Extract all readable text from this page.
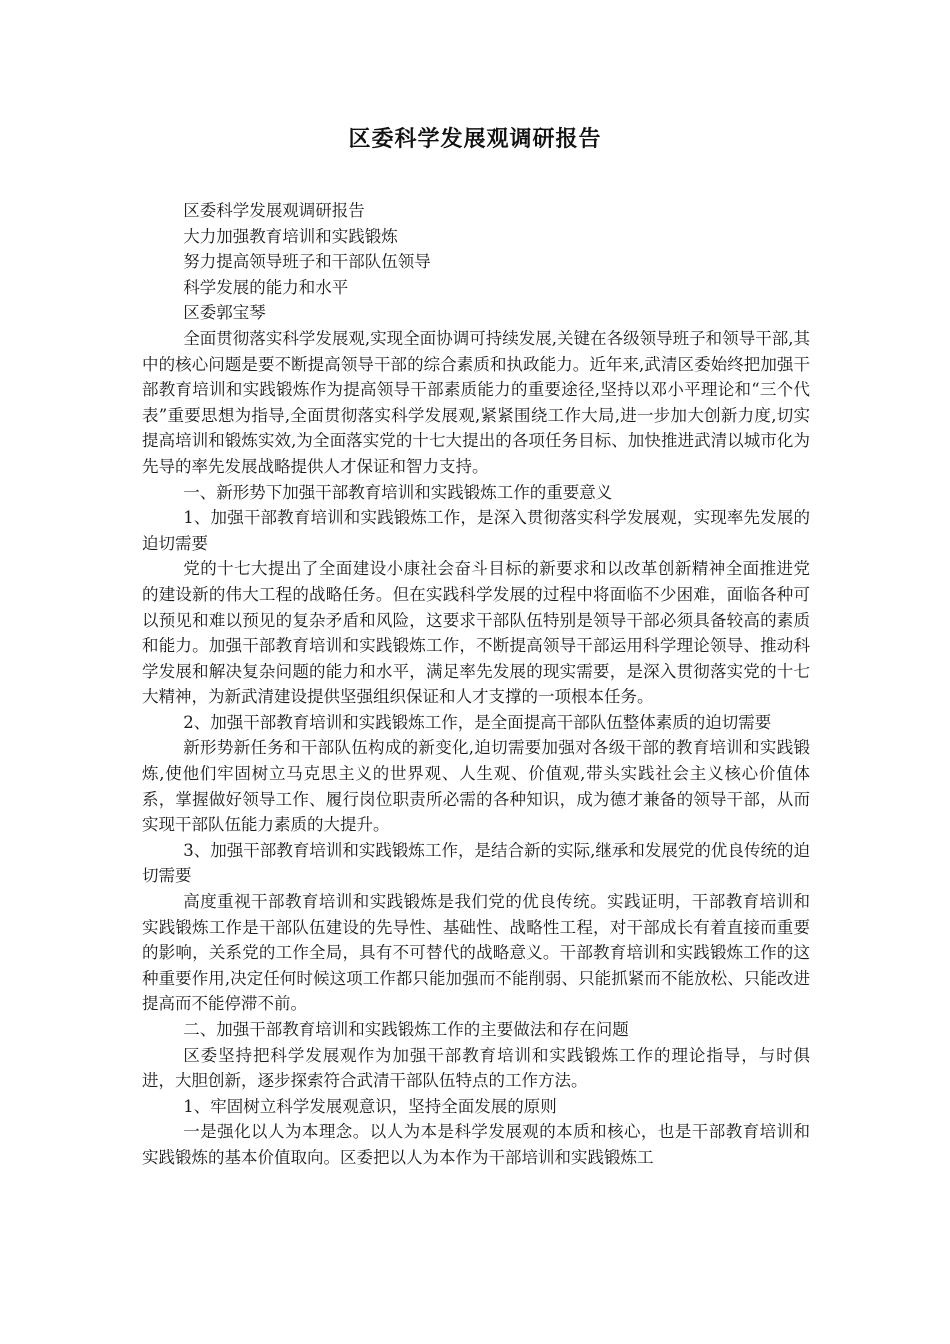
区委科学发展观调研报告

区委科学发展观调研报告

大力加强教育培训和实践锻炼

努力提高领导班子和干部队伍领导

科学发展的能力和水平

区委郭宝琴

全面贯彻落实科学发展观,实现全面协调可持续发展,关键在各级领导班子和领导干部,其中的核心问题是要不断提高领导干部的综合素质和执政能力。近年来,武清区委始终把加强干部教育培训和实践锻炼作为提高领导干部素质能力的重要途径,坚持以邓小平理论和“三个代表”重要思想为指导,全面贯彻落实科学发展观,紧紧围绕工作大局,进一步加大创新力度,切实提高培训和锻炼实效,为全面落实党的十七大提出的各项任务目标、加快推进武清以城市化为先导的率先发展战略提供人才保证和智力支持。

一、新形势下加强干部教育培训和实践锻炼工作的重要意义

1、加强干部教育培训和实践锻炼工作，是深入贯彻落实科学发展观，实现率先发展的迫切需要

党的十七大提出了全面建设小康社会奋斗目标的新要求和以改革创新精神全面推进党的建设新的伟大工程的战略任务。但在实践科学发展的过程中将面临不少困难，面临各种可以预见和难以预见的复杂矛盾和风险，这要求干部队伍特别是领导干部必须具备较高的素质和能力。加强干部教育培训和实践锻炼工作，不断提高领导干部运用科学理论领导、推动科学发展和解决复杂问题的能力和水平，满足率先发展的现实需要，是深入贯彻落实党的十七大精神，为新武清建设提供坚强组织保证和人才支撑的一项根本任务。

2、加强干部教育培训和实践锻炼工作，是全面提高干部队伍整体素质的迫切需要

新形势新任务和干部队伍构成的新变化,迫切需要加强对各级干部的教育培训和实践锻炼,使他们牢固树立马克思主义的世界观、人生观、价值观,带头实践社会主义核心价值体系，掌握做好领导工作、履行岗位职责所必需的各种知识，成为德才兼备的领导干部，从而实现干部队伍能力素质的大提升。

3、加强干部教育培训和实践锻炼工作，是结合新的实际,继承和发展党的优良传统的迫切需要

高度重视干部教育培训和实践锻炼是我们党的优良传统。实践证明，干部教育培训和实践锻炼工作是干部队伍建设的先导性、基础性、战略性工程，对干部成长有着直接而重要的影响，关系党的工作全局，具有不可替代的战略意义。干部教育培训和实践锻炼工作的这种重要作用,决定任何时候这项工作都只能加强而不能削弱、只能抓紧而不能放松、只能改进提高而不能停滞不前。

二、加强干部教育培训和实践锻炼工作的主要做法和存在问题

区委坚持把科学发展观作为加强干部教育培训和实践锻炼工作的理论指导，与时俱进，大胆创新，逐步探索符合武清干部队伍特点的工作方法。

1、牢固树立科学发展观意识，坚持全面发展的原则

一是强化以人为本理念。以人为本是科学发展观的本质和核心，也是干部教育培训和实践锻炼的基本价值取向。区委把以人为本作为干部培训和实践锻炼工
